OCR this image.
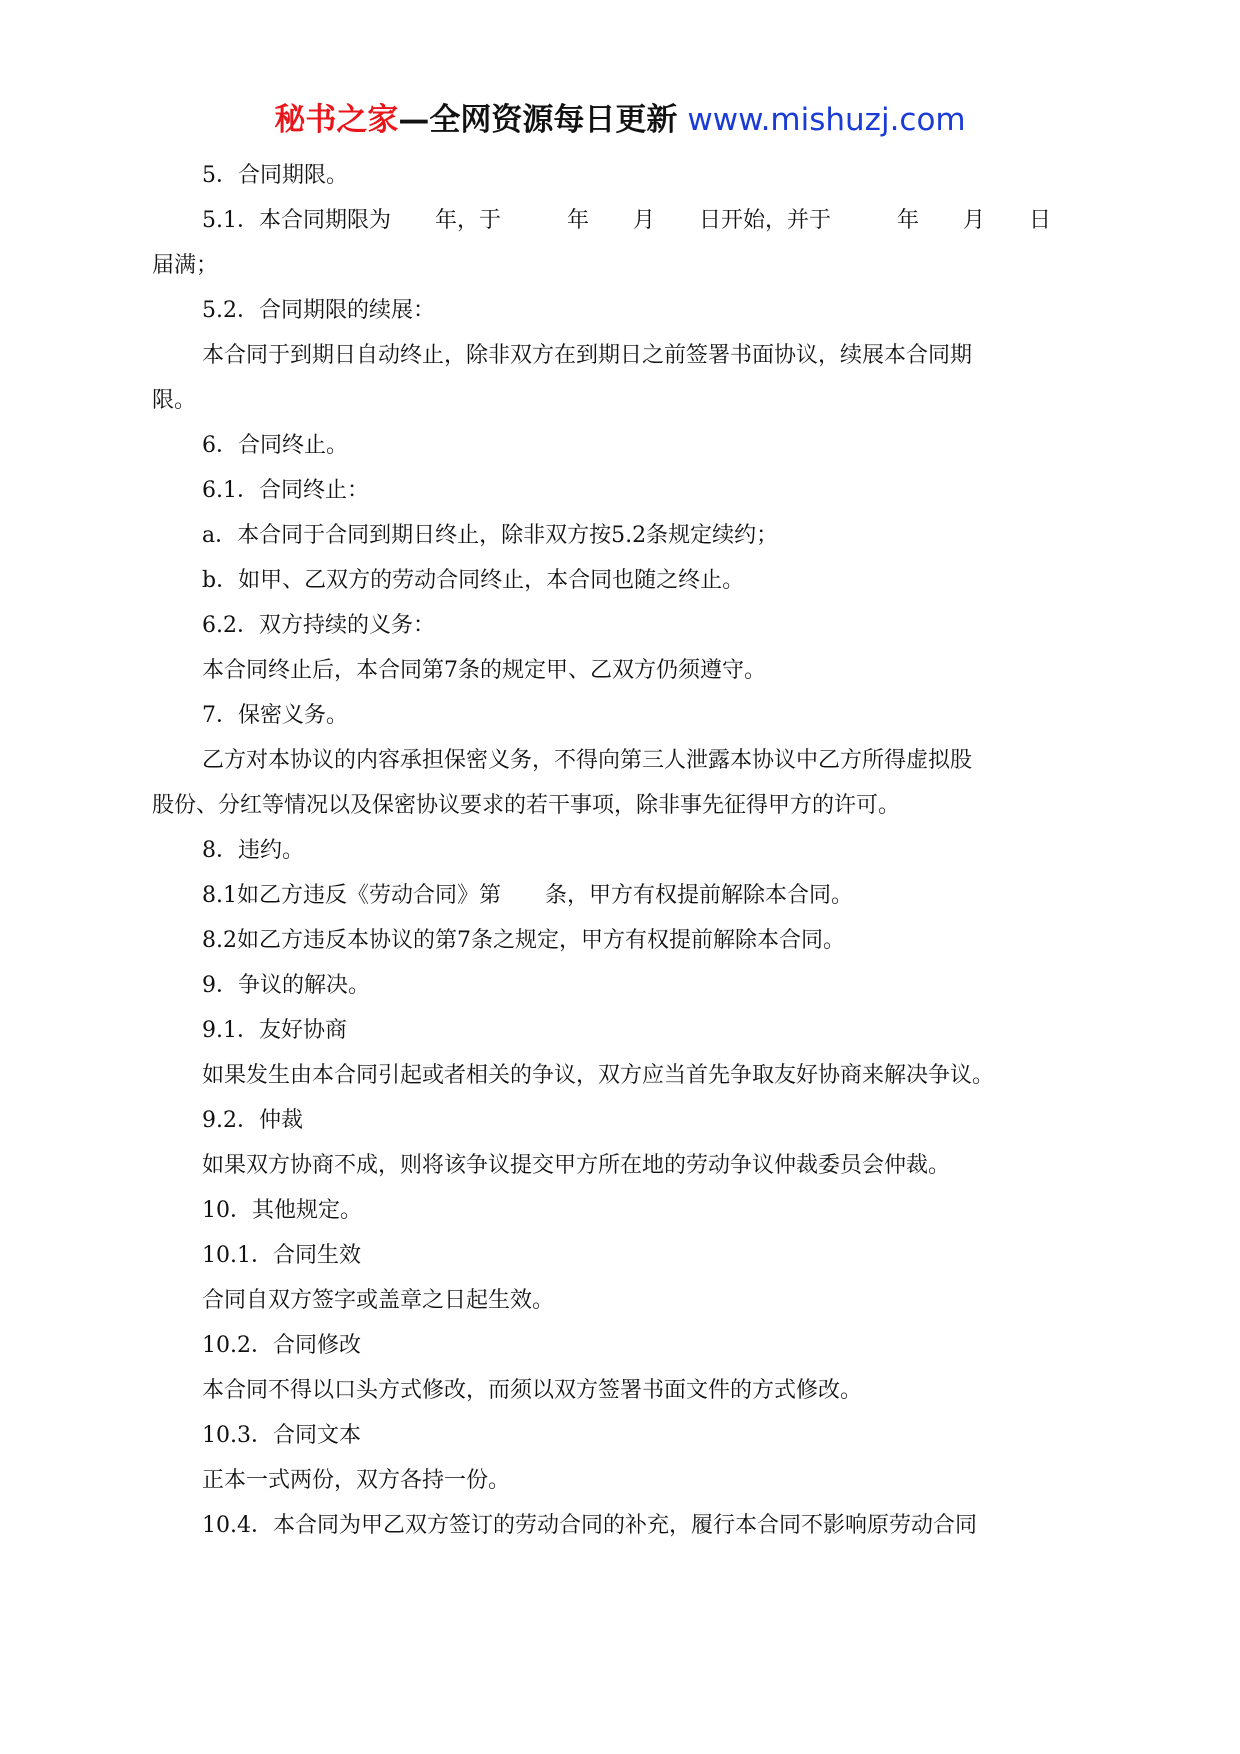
秘书之家—全网资源每日更新 www.mishuzj.com
5．合同期限。
5.1．本合同期限为　　年，于　　　年　　月　　日开始，并于　　　年　　月　　日
届满；
5.2．合同期限的续展：
本合同于到期日自动终止，除非双方在到期日之前签署书面协议，续展本合同期
限。
6．合同终止。
6.1．合同终止：
a．本合同于合同到期日终止，除非双方按5.2条规定续约；
b．如甲、乙双方的劳动合同终止，本合同也随之终止。
6.2．双方持续的义务：
本合同终止后，本合同第7条的规定甲、乙双方仍须遵守。
7．保密义务。
乙方对本协议的内容承担保密义务，不得向第三人泄露本协议中乙方所得虚拟股
股份、分红等情况以及保密协议要求的若干事项，除非事先征得甲方的许可。
8．违约。
8.1如乙方违反《劳动合同》第　　条，甲方有权提前解除本合同。
8.2如乙方违反本协议的第7条之规定，甲方有权提前解除本合同。
9．争议的解决。
9.1．友好协商
如果发生由本合同引起或者相关的争议，双方应当首先争取友好协商来解决争议。
9.2．仲裁
如果双方协商不成，则将该争议提交甲方所在地的劳动争议仲裁委员会仲裁。
10．其他规定。
10.1．合同生效
合同自双方签字或盖章之日起生效。
10.2．合同修改
本合同不得以口头方式修改，而须以双方签署书面文件的方式修改。
10.3．合同文本
正本一式两份，双方各持一份。
10.4．本合同为甲乙双方签订的劳动合同的补充，履行本合同不影响原劳动合同
